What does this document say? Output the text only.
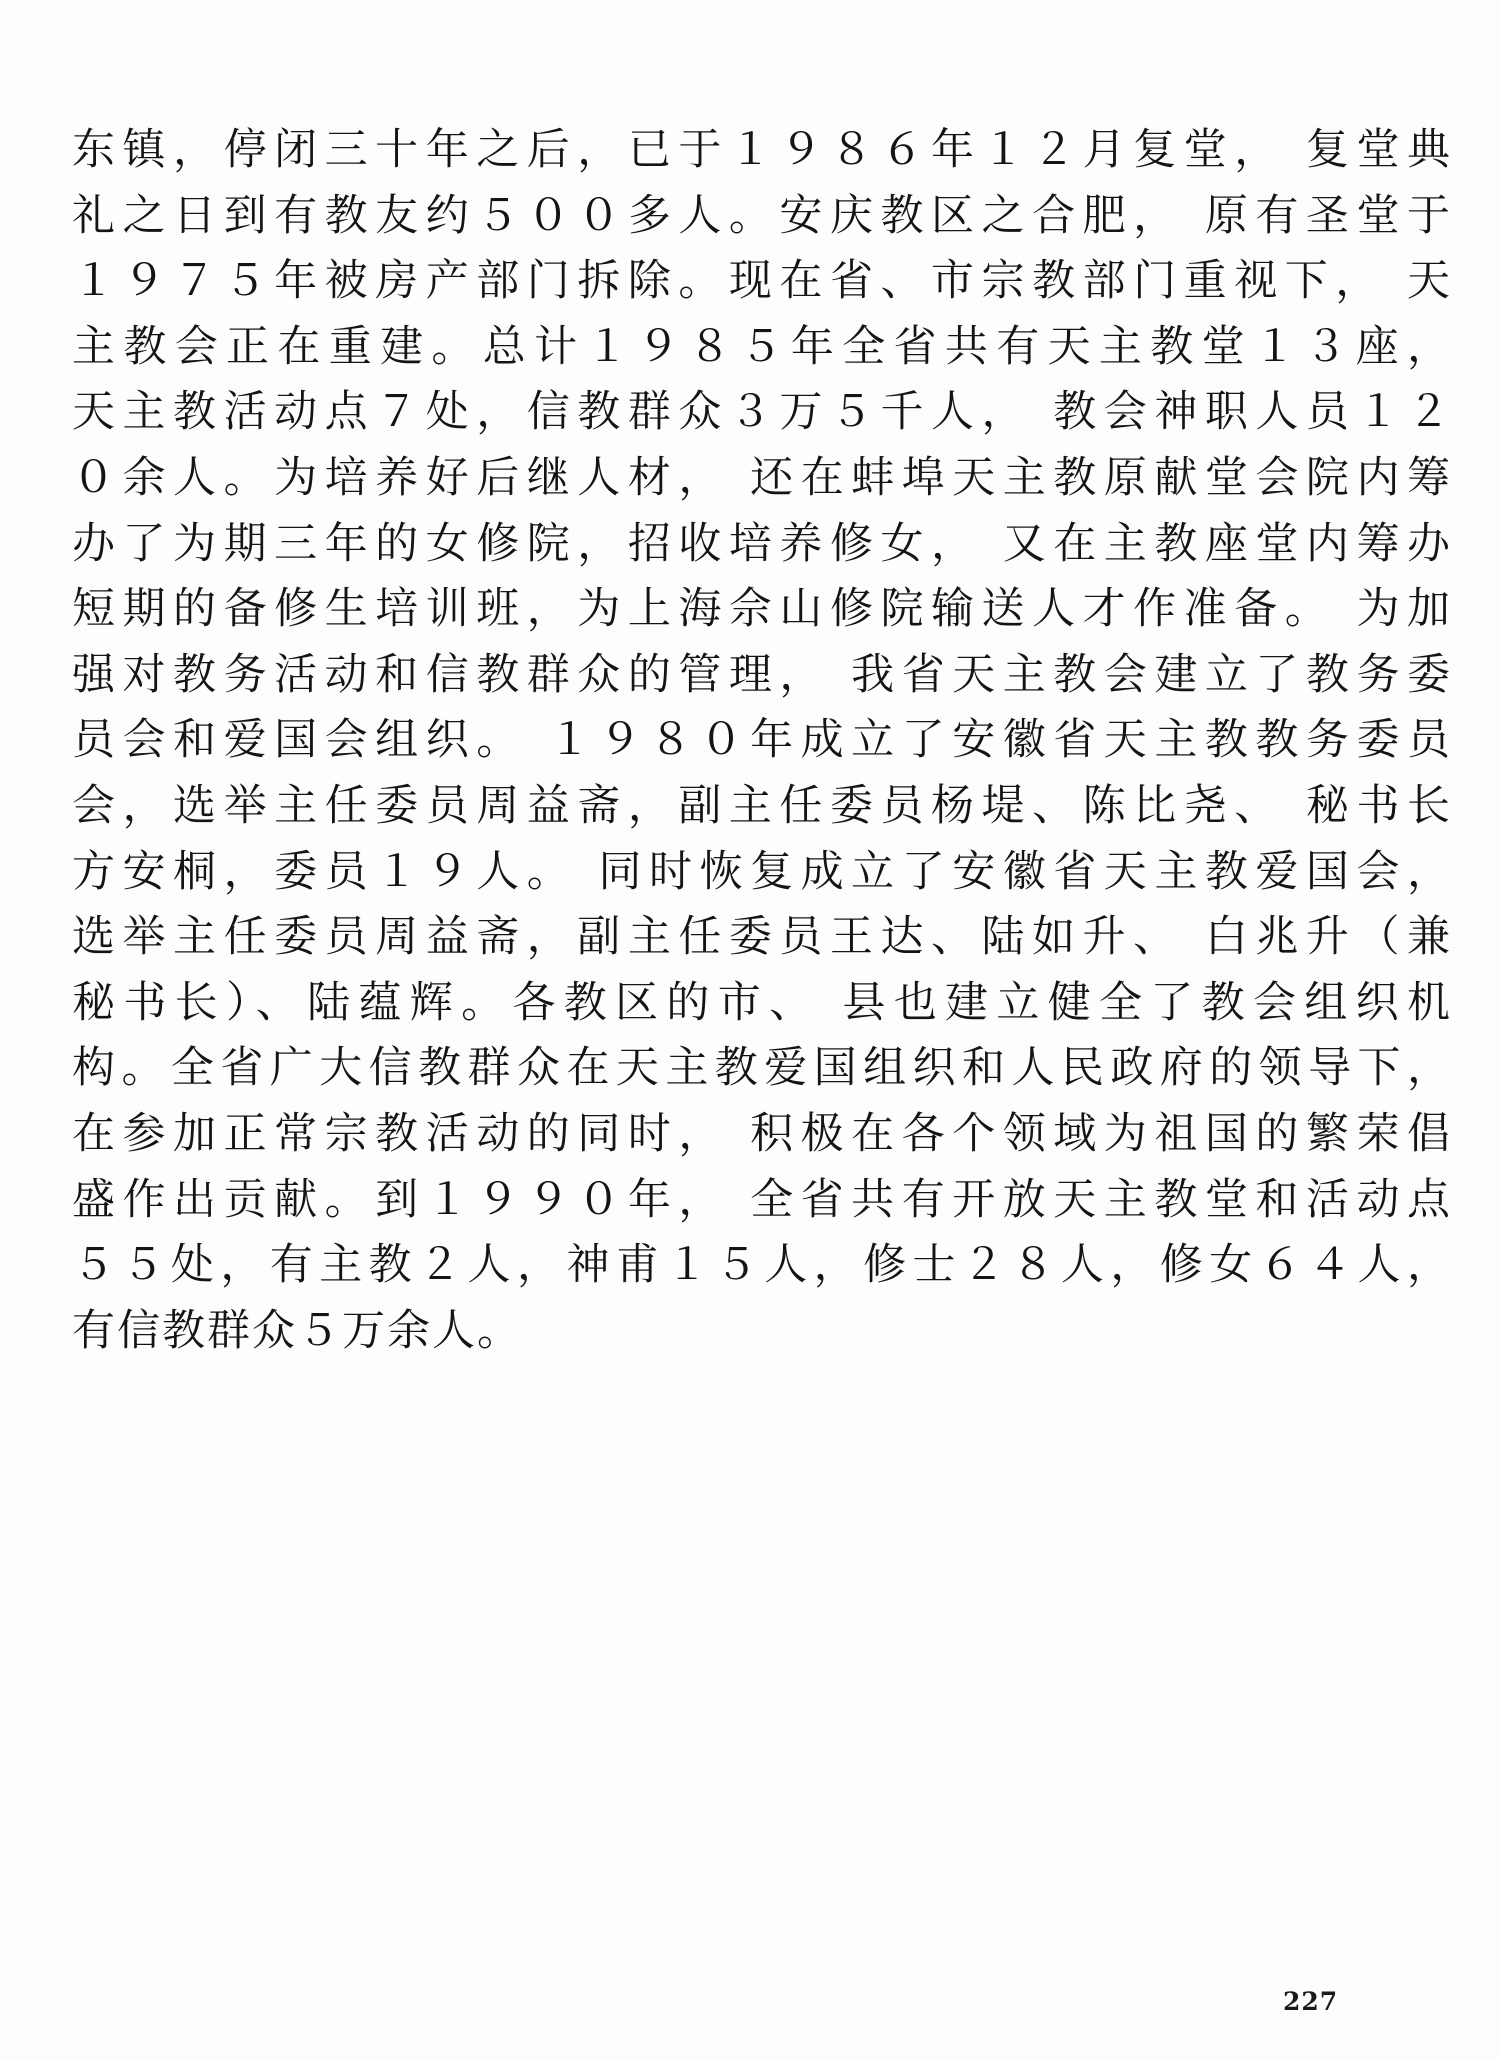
东镇，停闭三十年之后，已于１９８６年１２月复堂， 复堂典
礼之日到有教友约５００多人。安庆教区之合肥， 原有圣堂于
１９７５年被房产部门拆除。现在省、市宗教部门重视下， 天
主教会正在重建。总计１９８５年全省共有天主教堂１３座，
天主教活动点７处，信教群众３万５千人， 教会神职人员１２
０余人。为培养好后继人材， 还在蚌埠天主教原献堂会院内筹
办了为期三年的女修院，招收培养修女， 又在主教座堂内筹办
短期的备修生培训班，为上海佘山修院输送人才作准备。 为加
强对教务活动和信教群众的管理， 我省天主教会建立了教务委
员会和爱国会组织。 １９８０年成立了安徽省天主教教务委员
会，选举主任委员周益斋，副主任委员杨堤、陈比尧、 秘书长
方安桐，委员１９人。 同时恢复成立了安徽省天主教爱国会，
选举主任委员周益斋，副主任委员王达、陆如升、 白兆升（兼
秘书长）、陆蕴辉。各教区的市、 县也建立健全了教会组织机
构。全省广大信教群众在天主教爱国组织和人民政府的领导下，
在参加正常宗教活动的同时， 积极在各个领域为祖国的繁荣倡
盛作出贡献。到１９９０年， 全省共有开放天主教堂和活动点
５５处，有主教２人，神甫１５人，修士２８人，修女６４人，
有信教群众５万余人。
227
